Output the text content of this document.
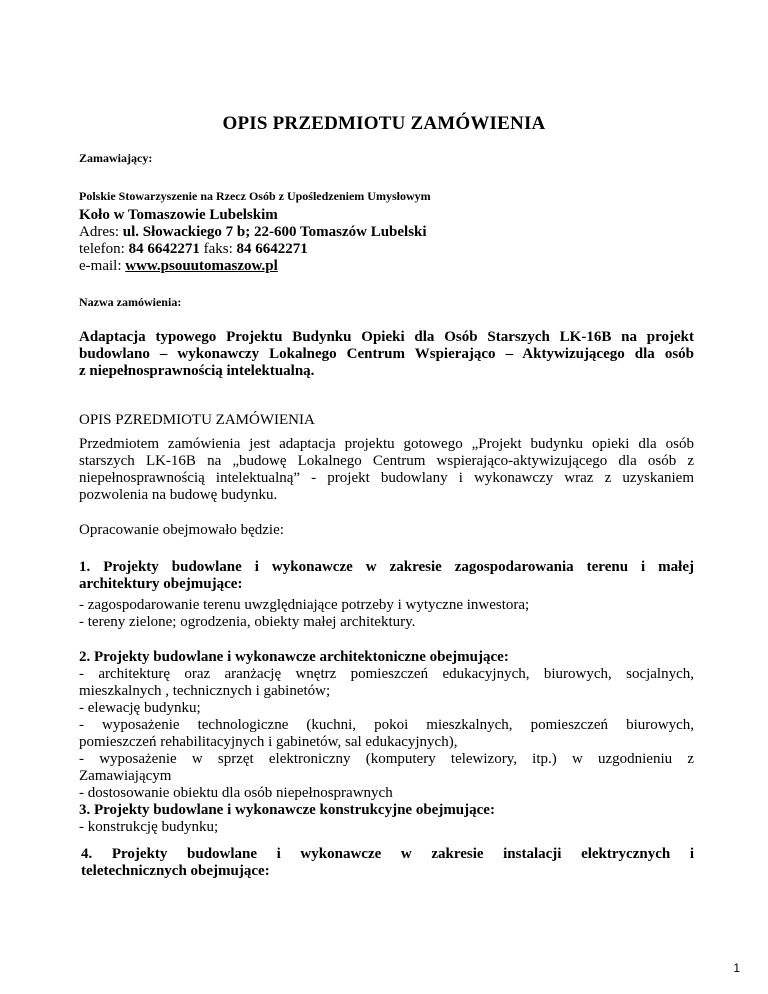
OPIS PRZEDMIOTU ZAMÓWIENIA
Zamawiający:
Polskie Stowarzyszenie na Rzecz Osób z Upośledzeniem Umysłowym
Koło w Tomaszowie Lubelskim
Adres: ul. Słowackiego 7 b; 22-600 Tomaszów Lubelski
telefon: 84 6642271 faks: 84 6642271
e-mail: www.psouutomaszow.pl
Nazwa zamówienia:
Adaptacja typowego Projektu Budynku Opieki dla Osób Starszych LK-16B na projekt
budowlano – wykonawczy Lokalnego Centrum Wspierająco – Aktywizującego dla osób
z niepełnosprawnością intelektualną.
OPIS PZREDMIOTU ZAMÓWIENIA
Przedmiotem zamówienia jest adaptacja projektu gotowego „Projekt budynku opieki dla osób
starszych LK-16B na „budowę Lokalnego Centrum wspierająco-aktywizującego dla osób z
niepełnosprawnością intelektualną” - projekt budowlany i wykonawczy wraz z uzyskaniem
pozwolenia na budowę budynku.
Opracowanie obejmowało będzie:
1. Projekty budowlane i wykonawcze w zakresie zagospodarowania terenu i małej
architektury obejmujące:
- zagospodarowanie terenu uwzględniające potrzeby i wytyczne inwestora;
- tereny zielone; ogrodzenia, obiekty małej architektury.
2. Projekty budowlane i wykonawcze architektoniczne obejmujące:
- architekturę oraz aranżację wnętrz pomieszczeń edukacyjnych, biurowych, socjalnych,
mieszkalnych , technicznych i gabinetów;
- elewację budynku;
- wyposażenie technologiczne (kuchni, pokoi mieszkalnych, pomieszczeń biurowych,
pomieszczeń rehabilitacyjnych i gabinetów, sal edukacyjnych),
- wyposażenie w sprzęt elektroniczny (komputery telewizory, itp.) w uzgodnieniu z
Zamawiającym
- dostosowanie obiektu dla osób niepełnosprawnych
3. Projekty budowlane i wykonawcze konstrukcyjne obejmujące:
- konstrukcję budynku;
4. Projekty budowlane i wykonawcze w zakresie instalacji elektrycznych i
teletechnicznych obejmujące:
1
